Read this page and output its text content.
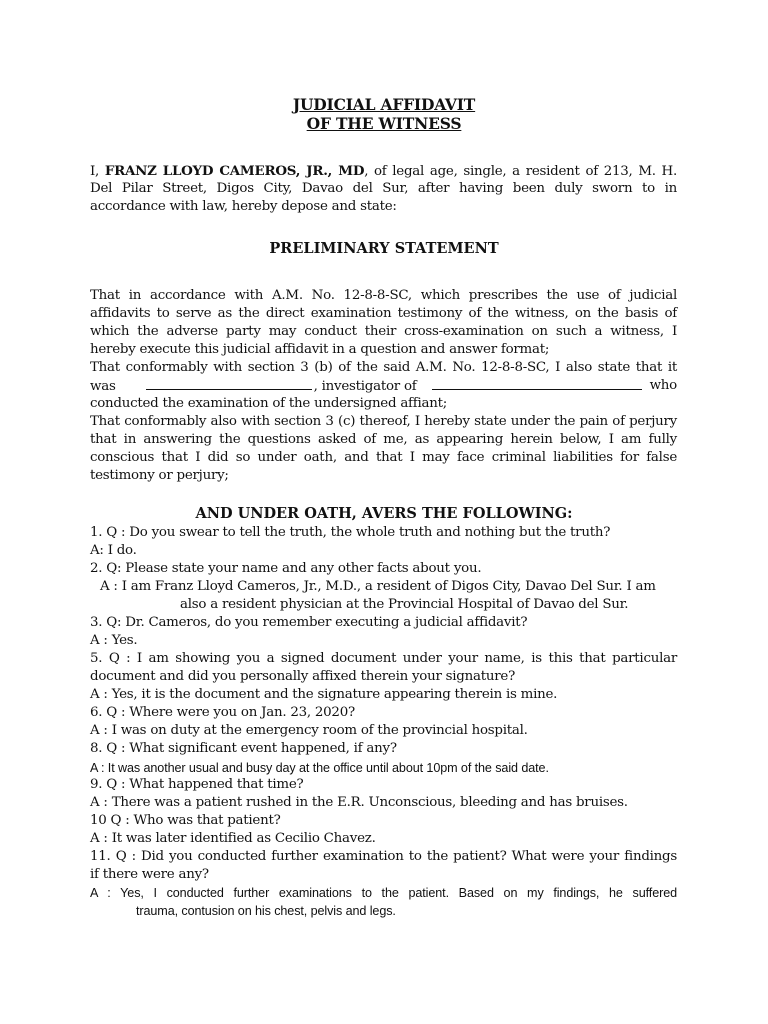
JUDICIAL AFFIDAVIT
OF THE WITNESS
I, FRANZ LLOYD CAMEROS, JR., MD, of legal age, single, a resident of 213, M. H.
Del Pilar Street, Digos City, Davao del Sur, after having been duly sworn to in
accordance with law, hereby depose and state:
PRELIMINARY STATEMENT
That in accordance with A.M. No. 12-8-8-SC, which prescribes the use of judicial
affidavits to serve as the direct examination testimony of the witness, on the basis of
which the adverse party may conduct their cross-examination on such a witness, I
hereby execute this judicial affidavit in a question and answer format;
That conformably with section 3 (b) of the said A.M. No. 12-8-8-SC, I also state that it
was	, investigator of	who
conducted the examination of the undersigned affiant;
That conformably also with section 3 (c) thereof, I hereby state under the pain of perjury
that in answering the questions asked of me, as appearing herein below, I am fully
conscious that I did so under oath, and that I may face criminal liabilities for false
testimony or perjury;
AND UNDER OATH, AVERS THE FOLLOWING:
1. Q : Do you swear to tell the truth, the whole truth and nothing but the truth?
A: I do.
2. Q: Please state your name and any other facts about you.
A : I am Franz Lloyd Cameros, Jr., M.D., a resident of Digos City, Davao Del Sur. I am
also a resident physician at the Provincial Hospital of Davao del Sur.
3. Q: Dr. Cameros, do you remember executing a judicial affidavit?
A : Yes.
5. Q : I am showing you a signed document under your name, is this that particular
document and did you personally affixed therein your signature?
A : Yes, it is the document and the signature appearing therein is mine.
6. Q : Where were you on Jan. 23, 2020?
A : I was on duty at the emergency room of the provincial hospital.
8. Q : What significant event happened, if any?
A : It was another usual and busy day at the office until about 10pm of the said date.
9. Q : What happened that time?
A : There was a patient rushed in the E.R. Unconscious, bleeding and has bruises.
10 Q : Who was that patient?
A : It was later identified as Cecilio Chavez.
11. Q : Did you conducted further examination to the patient? What were your findings
if there were any?
A : Yes, I conducted further examinations to the patient. Based on my findings, he suffered
trauma, contusion on his chest, pelvis and legs.
